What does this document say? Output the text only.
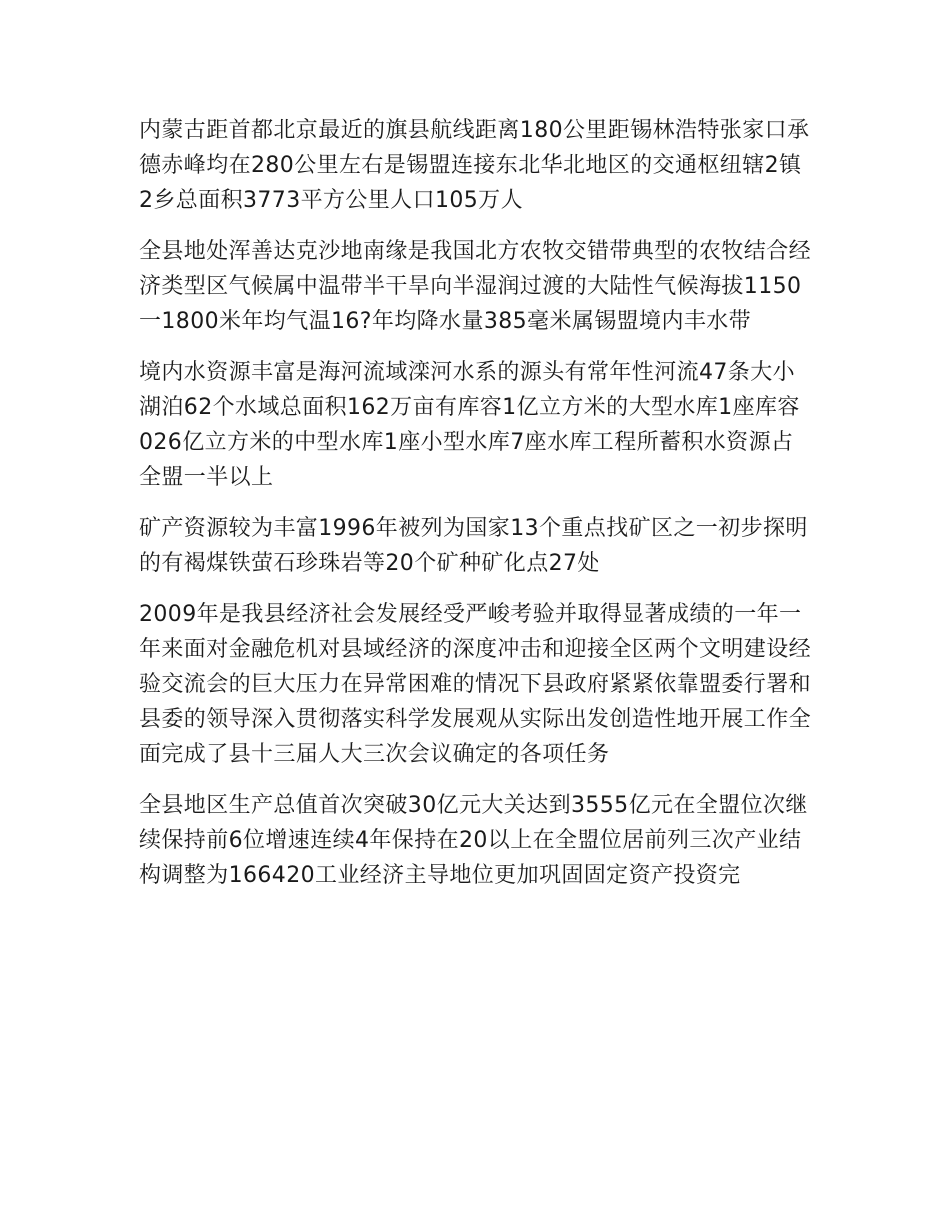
内蒙古距首都北京最近的旗县航线距离180公里距锡林浩特张家口承德赤峰均在280公里左右是锡盟连接东北华北地区的交通枢纽辖2镇2乡总面积3773平方公里人口105万人

全县地处浑善达克沙地南缘是我国北方农牧交错带典型的农牧结合经济类型区气候属中温带半干旱向半湿润过渡的大陆性气候海拔1150一1800米年均气温16?年均降水量385毫米属锡盟境内丰水带

境内水资源丰富是海河流域滦河水系的源头有常年性河流47条大小湖泊62个水域总面积162万亩有库容1亿立方米的大型水库1座库容026亿立方米的中型水库1座小型水库7座水库工程所蓄积水资源占全盟一半以上

矿产资源较为丰富1996年被列为国家13个重点找矿区之一初步探明的有褐煤铁萤石珍珠岩等20个矿种矿化点27处

2009年是我县经济社会发展经受严峻考验并取得显著成绩的一年一年来面对金融危机对县域经济的深度冲击和迎接全区两个文明建设经验交流会的巨大压力在异常困难的情况下县政府紧紧依靠盟委行署和县委的领导深入贯彻落实科学发展观从实际出发创造性地开展工作全面完成了县十三届人大三次会议确定的各项任务

全县地区生产总值首次突破30亿元大关达到3555亿元在全盟位次继续保持前6位增速连续4年保持在20以上在全盟位居前列三次产业结构调整为166420工业经济主导地位更加巩固固定资产投资完
